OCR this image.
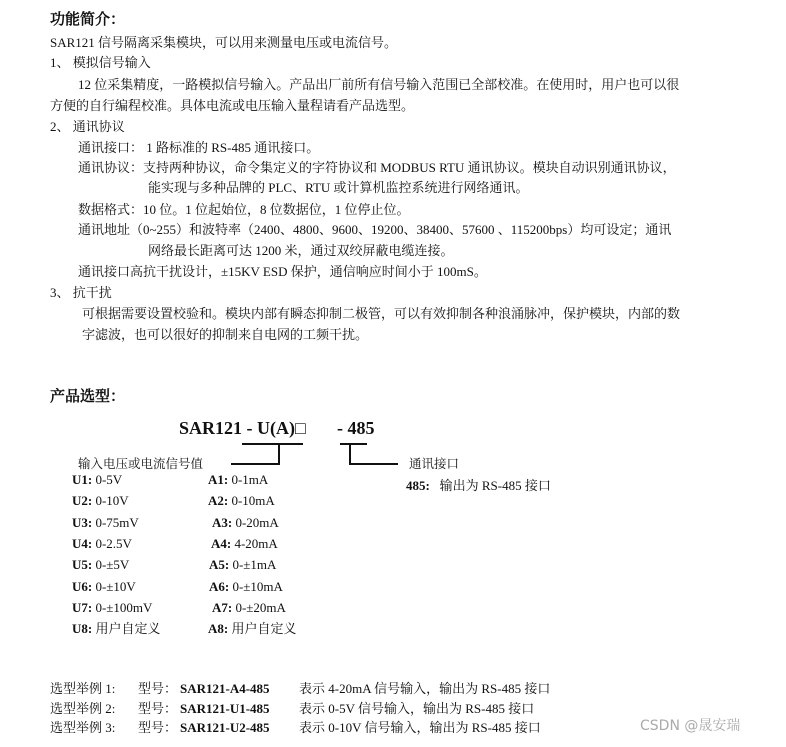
功能简介：
SAR121 信号隔离采集模块，可以用来测量电压或电流信号。
1、 模拟信号输入
12 位采集精度，一路模拟信号输入。产品出厂前所有信号输入范围已全部校准。在使用时，用户也可以很
方便的自行编程校准。具体电流或电压输入量程请看产品选型。
2、 通讯协议
通讯接口： 1 路标准的 RS-485 通讯接口。
通讯协议：支持两种协议，命令集定义的字符协议和 MODBUS RTU 通讯协议。模块自动识别通讯协议，
能实现与多种品牌的 PLC、RTU 或计算机监控系统进行网络通讯。
数据格式：10 位。1 位起始位，8 位数据位，1 位停止位。
通讯地址（0~255）和波特率（2400、4800、9600、19200、38400、57600 、115200bps）均可设定；通讯
网络最长距离可达 1200 米，通过双绞屏蔽电缆连接。
通讯接口高抗干扰设计，±15KV ESD 保护，通信响应时间小于 100mS。
3、 抗干扰
可根据需要设置校验和。模块内部有瞬态抑制二极管，可以有效抑制各种浪涌脉冲，保护模块，内部的数
字滤波，也可以很好的抑制来自电网的工频干扰。
产品选型：
SAR121 - U(A)□ - 485
输入电压或电流信号值	通讯接口
485: 输出为 RS-485 接口
U1: 0-5V
U2: 0-10V
U3: 0-75mV
U4: 0-2.5V
U5: 0-±5V
U6: 0-±10V
U7: 0-±100mV
U8: 用户自定义
A1: 0-1mA
A2: 0-10mA
A3: 0-20mA
A4: 4-20mA
A5: 0-±1mA
A6: 0-±10mA
A7: 0-±20mA
A8: 用户自定义
选型举例 1: 型号： SAR121-A4-485 表示 4-20mA 信号输入，输出为 RS-485 接口
选型举例 2: 型号： SAR121-U1-485 表示 0-5V 信号输入，输出为 RS-485 接口
选型举例 3: 型号： SAR121-U2-485 表示 0-10V 信号输入，输出为 RS-485 接口	CSDN @晟安瑞
